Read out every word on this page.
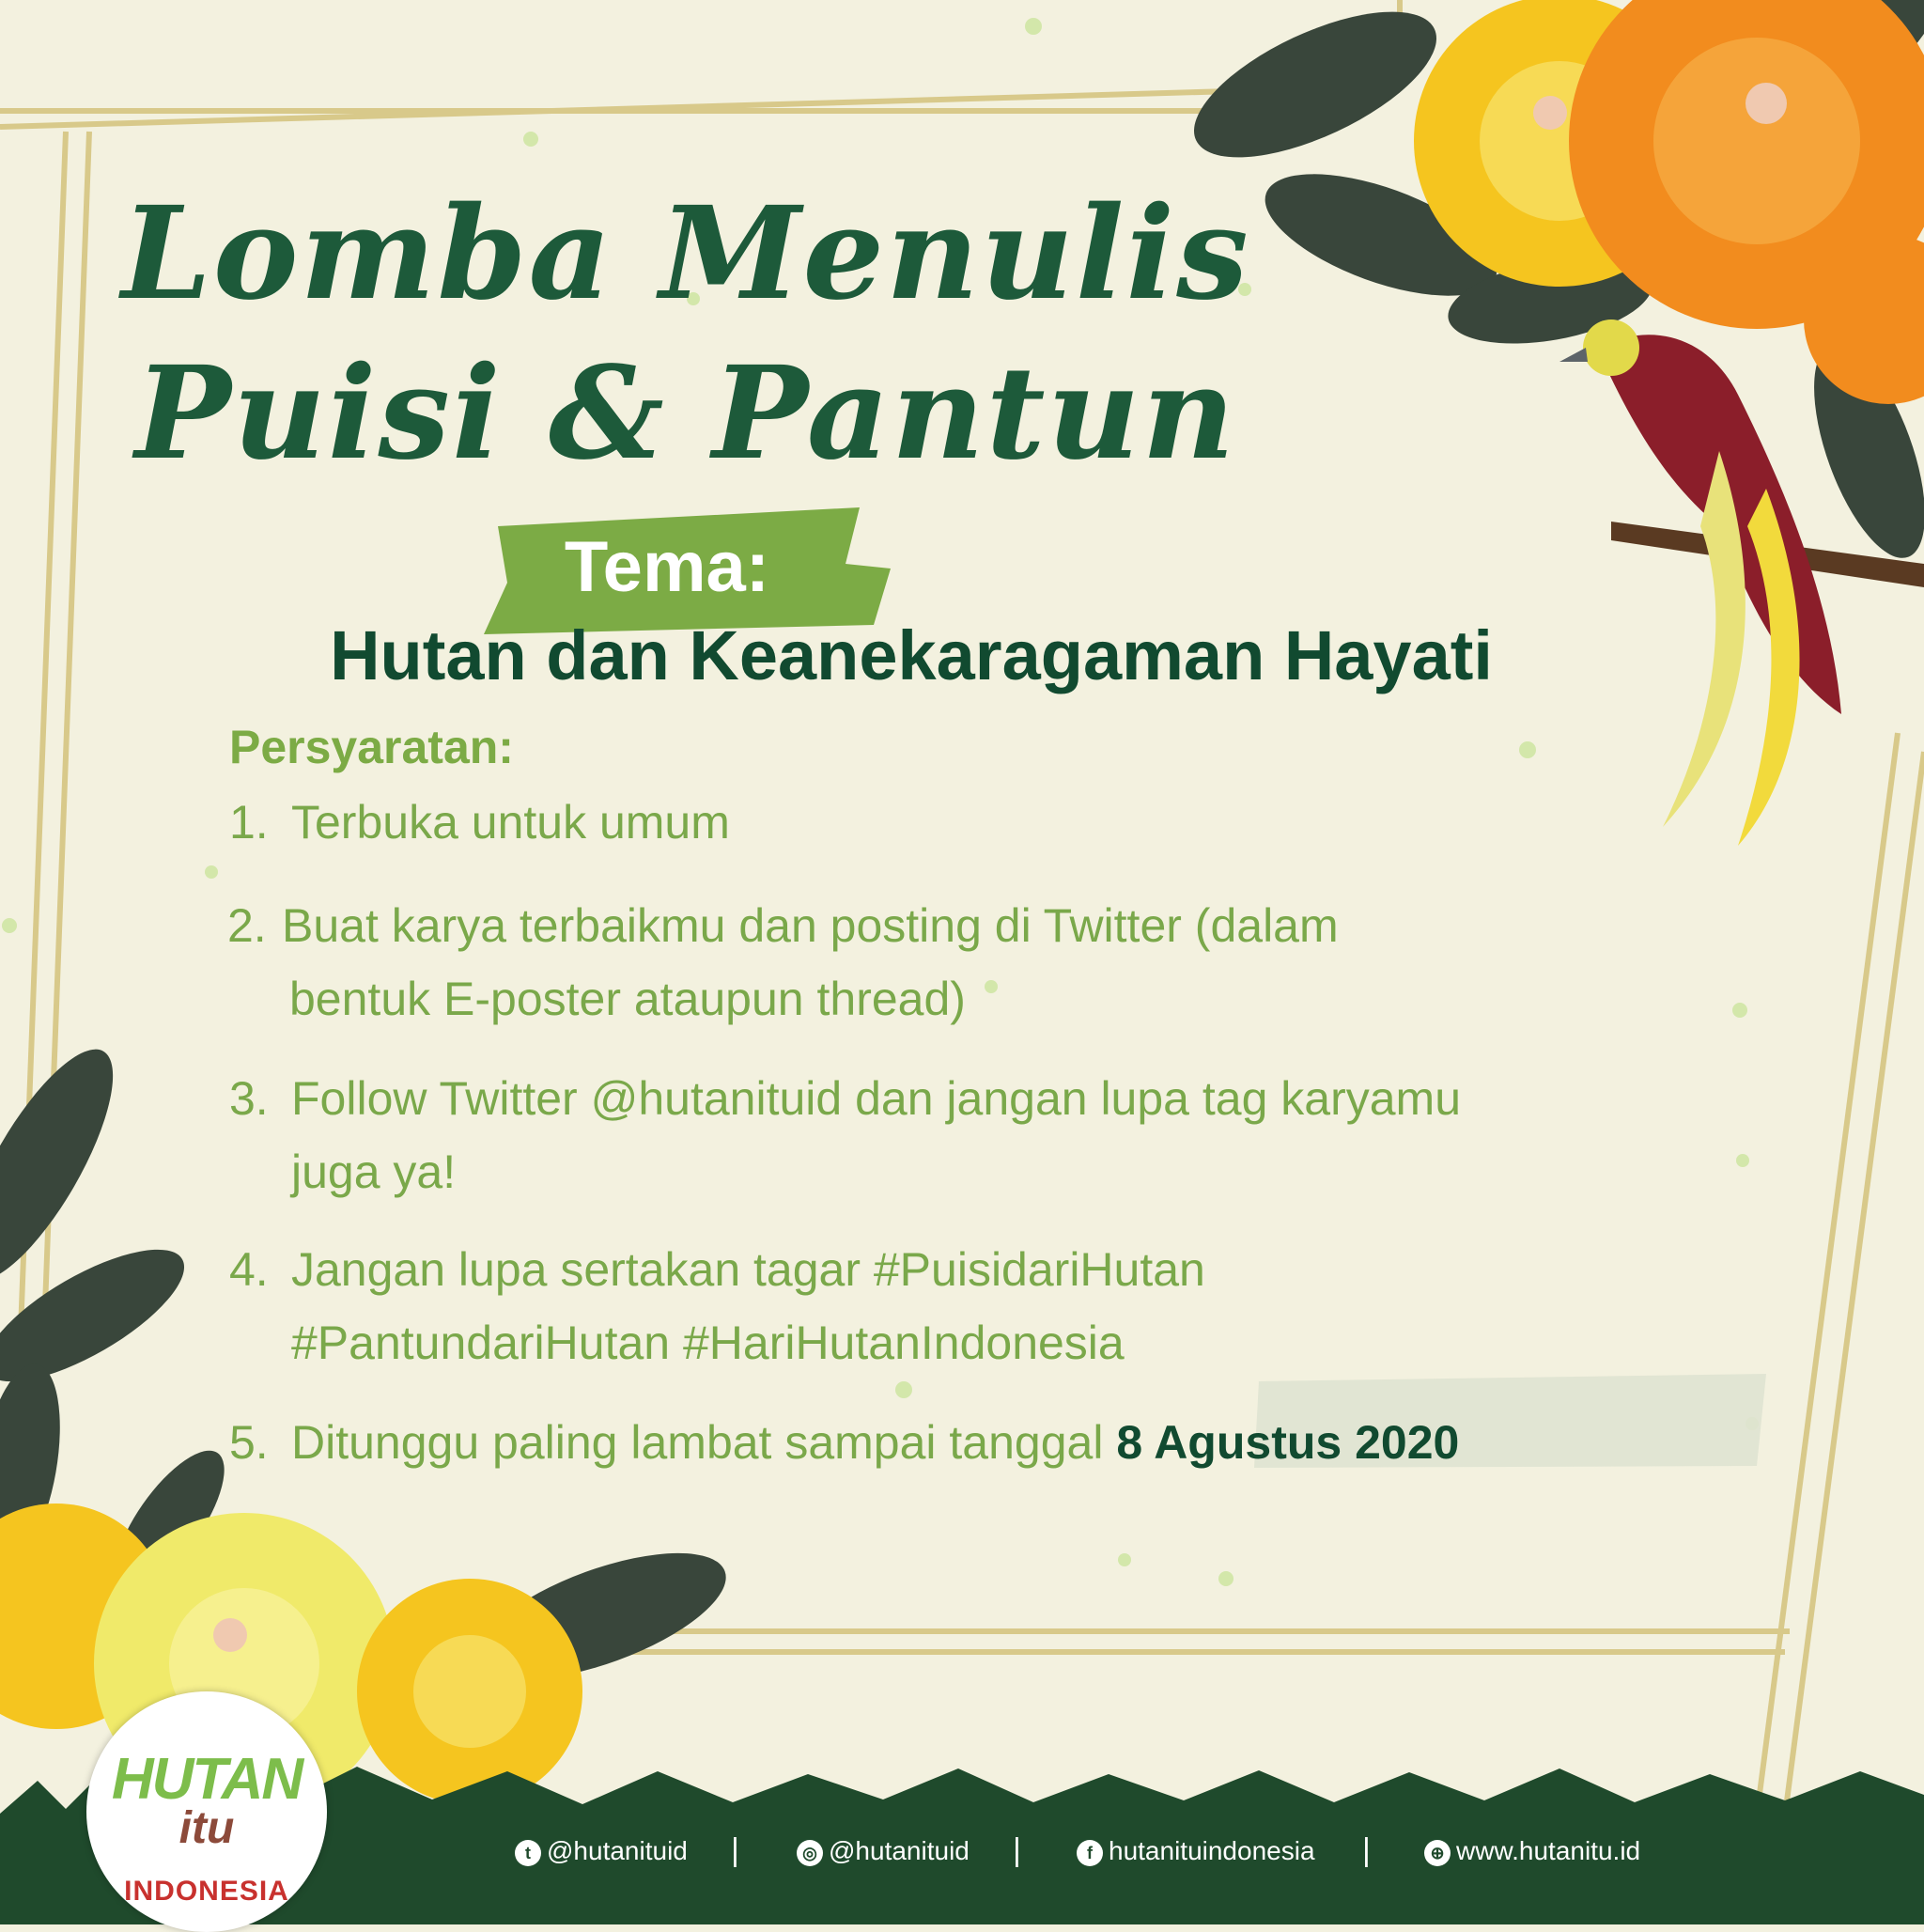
Lomba Menulis
Puisi & Pantun
Tema:
Hutan dan Keanekaragaman Hayati
Persyaratan:
1. Terbuka untuk umum
2. Buat karya terbaikmu dan posting di Twitter (dalam
bentuk E-poster ataupun thread)
3. Follow Twitter @hutanituid dan jangan lupa tag karyamu
juga ya!
4. Jangan lupa sertakan tagar #PuisidariHutan
#PantundariHutan #HariHutanIndonesia
5. Ditunggu paling lambat sampai tanggal 8 Agustus 2020
HUTAN
itu
INDONESIA
t @hutanituid |	◎ @hutanituid |	f hutanituindonesia |	⊕ www.hutanitu.id
